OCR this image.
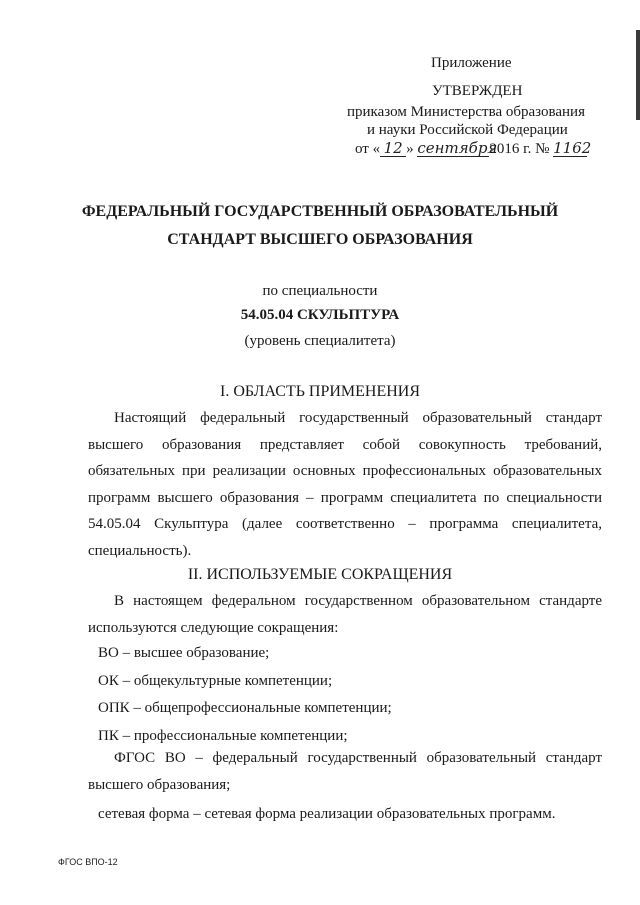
Приложение
УТВЕРЖДЕН
приказом Министерства образования
и науки Российской Федерации
от « 12 » сентября2016 г. № 1162
ФЕДЕРАЛЬНЫЙ ГОСУДАРСТВЕННЫЙ ОБРАЗОВАТЕЛЬНЫЙ
СТАНДАРТ ВЫСШЕГО ОБРАЗОВАНИЯ
по специальности
54.05.04 СКУЛЬПТУРА
(уровень специалитета)
I. ОБЛАСТЬ ПРИМЕНЕНИЯ
Настоящий федеральный государственный образовательный стандарт высшего образования представляет собой совокупность требований, обязательных при реализации основных профессиональных образовательных программ высшего образования – программ специалитета по специальности 54.05.04 Скульптура (далее соответственно – программа специалитета, специальность).
II. ИСПОЛЬЗУЕМЫЕ СОКРАЩЕНИЯ
В настоящем федеральном государственном образовательном стандарте используются следующие сокращения:
ВО – высшее образование;
ОК – общекультурные компетенции;
ОПК – общепрофессиональные компетенции;
ПК – профессиональные компетенции;
ФГОС ВО – федеральный государственный образовательный стандарт высшего образования;
сетевая форма – сетевая форма реализации образовательных программ.
ФГОС ВПО-12
